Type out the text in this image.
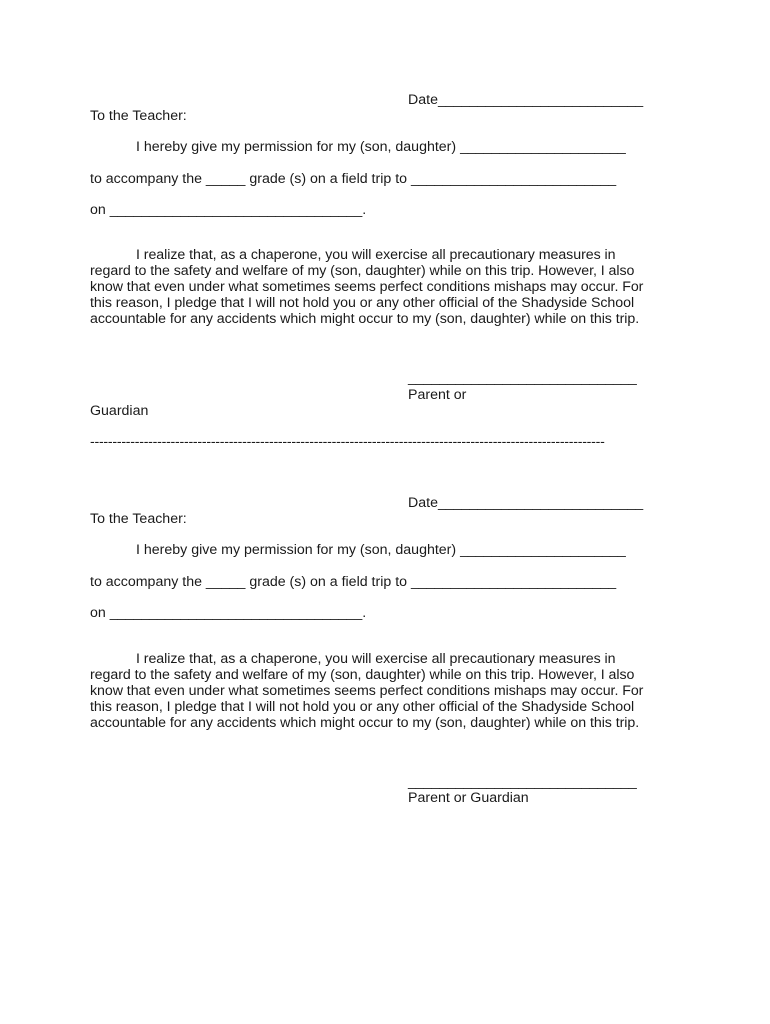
Date__________________________

To the Teacher:

I hereby give my permission for my (son, daughter) _____________________

to accompany the _____ grade (s) on a field trip to __________________________

on ________________________________.

I realize that, as a chaperone, you will exercise all precautionary measures in regard to the safety and welfare of my (son, daughter) while on this trip. However, I also know that even under what sometimes seems perfect conditions mishaps may occur. For this reason, I pledge that I will not hold you or any other official of the Shadyside School accountable for any accidents which might occur to my (son, daughter) while on this trip.

_____________________________

Parent or

Guardian

-------------------------------------------------------------------------------------------------------------------

Date__________________________

To the Teacher:

I hereby give my permission for my (son, daughter) _____________________

to accompany the _____ grade (s) on a field trip to __________________________

on ________________________________.

I realize that, as a chaperone, you will exercise all precautionary measures in regard to the safety and welfare of my (son, daughter) while on this trip. However, I also know that even under what sometimes seems perfect conditions mishaps may occur. For this reason, I pledge that I will not hold you or any other official of the Shadyside School accountable for any accidents which might occur to my (son, daughter) while on this trip.

_____________________________

Parent or Guardian
